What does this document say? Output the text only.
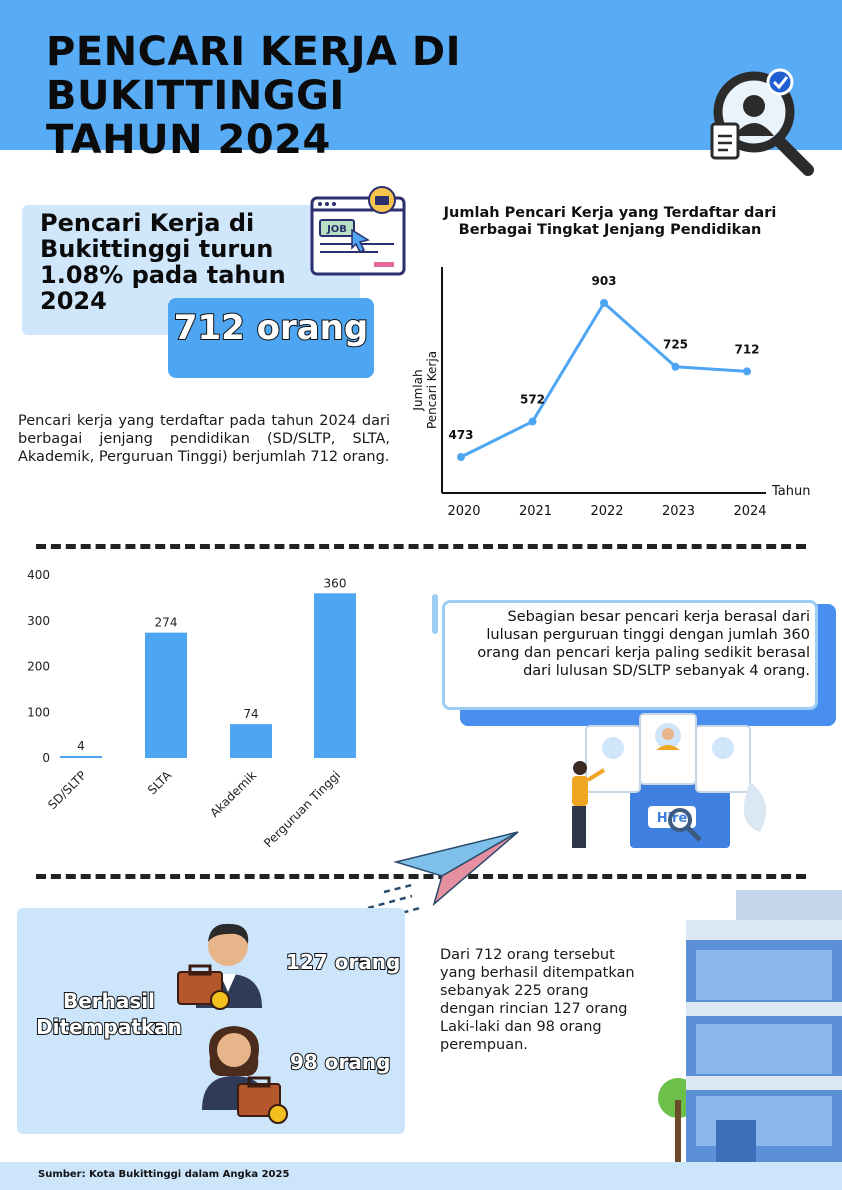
PENCARI KERJA DI BUKITTINGGI
TAHUN 2024
Pencari Kerja di Bukittinggi turun 1.08% pada tahun 2024
JOB
712 orang
Pencari kerja yang terdaftar pada tahun 2024 dari berbagai jenjang pendidikan (SD/SLTP, SLTA, Akademik, Perguruan Tinggi) berjumlah 712 orang.
Jumlah Pencari Kerja yang Terdaftar dari Berbagai Tingkat Jenjang Pendidikan
JumlahPencari Kerja
Tahun
473
2020
572
2021
903
2022
725
2023
712
2024
0
100
200
300
400
4
SD/SLTP
274
SLTA
74
Akademik
360
Perguruan Tinggi
Sebagian besar pencari kerja berasal dari lulusan perguruan tinggi dengan jumlah 360 orang dan pencari kerja paling sedikit berasal dari lulusan SD/SLTP sebanyak 4 orang.
Hire
Berhasil
Ditempatkan
127 orang
98 orang
Dari 712 orang tersebut yang berhasil ditempatkan sebanyak 225 orang dengan rincian 127 orang Laki-laki dan 98 orang perempuan.
Sumber: Kota Bukittinggi dalam Angka 2025
